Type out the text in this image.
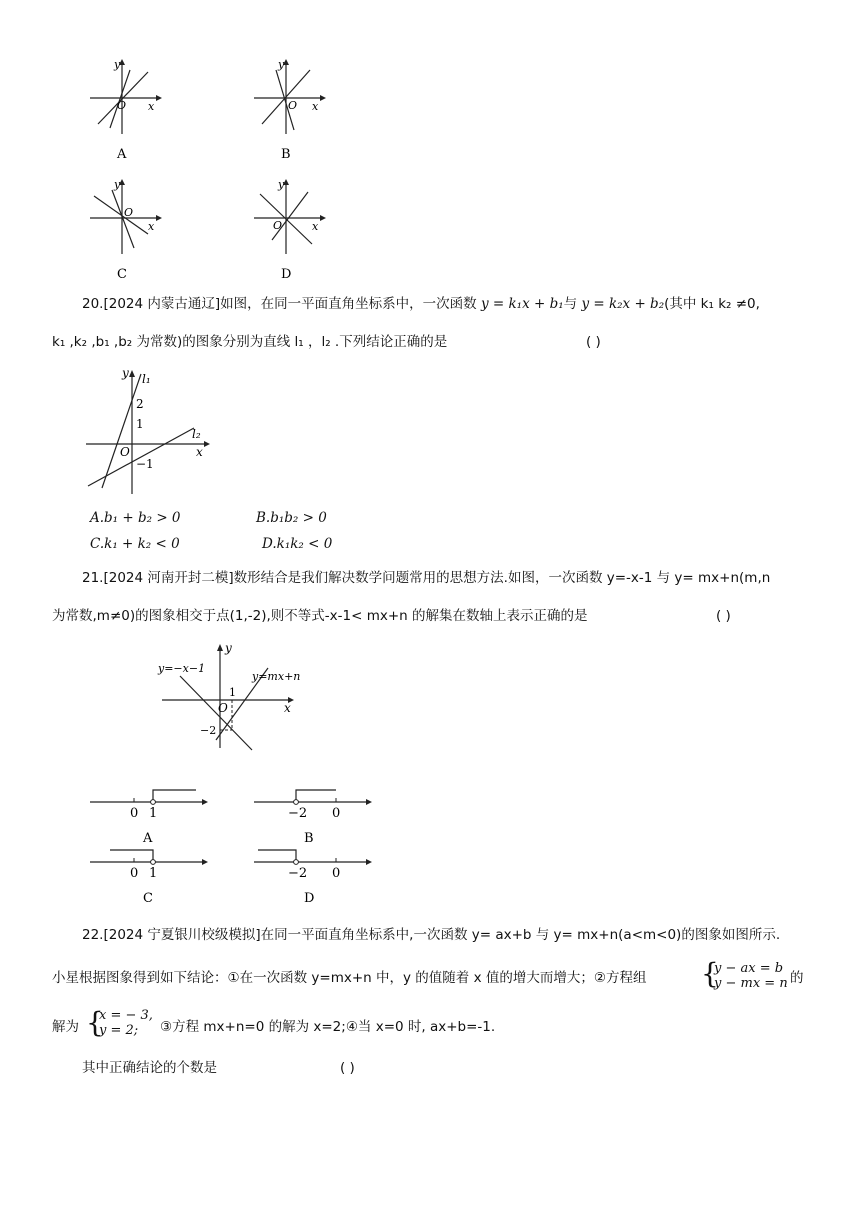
y
x
O
A
y
x
O
B
y
x
O
C
y
x
O
D
20.[2024 内蒙古通辽]如图，在同一平面直角坐标系中，一次函数 y = k₁x + b₁与 y = k₂x + b₂(其中 k₁ k₂ ≠0,
k₁ ,k₂ ,b₁ ,b₂ 为常数)的图象分别为直线 l₁ ，l₂ .下列结论正确的是	( )
y l₁
l₂
x
O
2
1
−1
A.b₁ + b₂ > 0	B.b₁b₂ > 0
C.k₁ + k₂ < 0	D.k₁k₂ < 0
21.[2024 河南开封二模]数形结合是我们解决数学问题常用的思想方法.如图，一次函数 y=-x-1 与 y= mx+n(m,n
为常数,m≠0)的图象相交于点(1,-2),则不等式-x-1< mx+n 的解集在数轴上表示正确的是	( )
y=−x−1
y=mx+n
y
x
O
1
−2
0 1
A
−2 0
B
0 1
C
−2 0
D
22.[2024 宁夏银川校级模拟]在同一平面直角坐标系中,一次函数 y= ax+b 与 y= mx+n(a<m<0)的图象如图所示.
小星根据图象得到如下结论：①在一次函数 y=mx+n 中，y 的值随着 x 值的增大而增大；②方程组 {
y − ax = b
y − mx = n 的
解为 {
x = − 3,
y = 2;	③方程 mx+n=0 的解为 x=2;④当 x=0 时, ax+b=-1.
其中正确结论的个数是	( )
